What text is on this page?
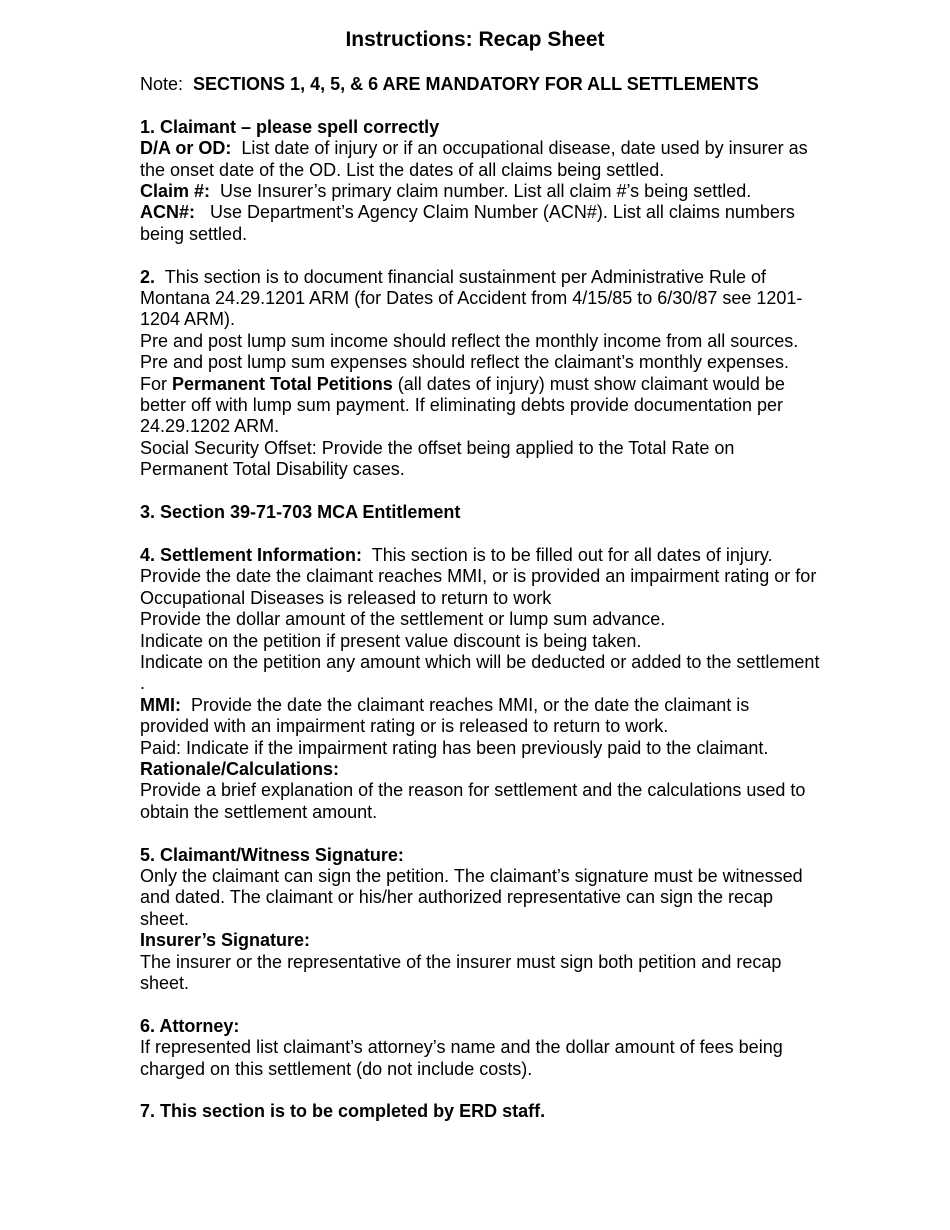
Instructions: Recap Sheet

Note: SECTIONS 1, 4, 5, & 6 ARE MANDATORY FOR ALL SETTLEMENTS

1. Claimant – please spell correctly

D/A or OD: List date of injury or if an occupational disease, date used by insurer as the onset date of the OD. List the dates of all claims being settled.

Claim #: Use Insurer’s primary claim number. List all claim #’s being settled.

ACN#: Use Department’s Agency Claim Number (ACN#). List all claims numbers being settled.

2. This section is to document financial sustainment per Administrative Rule of Montana 24.29.1201 ARM (for Dates of Accident from 4/15/85 to 6/30/87 see 1201-1204 ARM).

Pre and post lump sum income should reflect the monthly income from all sources. Pre and post lump sum expenses should reflect the claimant’s monthly expenses.

For Permanent Total Petitions (all dates of injury) must show claimant would be better off with lump sum payment. If eliminating debts provide documentation per 24.29.1202 ARM.

Social Security Offset: Provide the offset being applied to the Total Rate on Permanent Total Disability cases.

3. Section 39-71-703 MCA Entitlement

4. Settlement Information: This section is to be filled out for all dates of injury.

Provide the date the claimant reaches MMI, or is provided an impairment rating or for Occupational Diseases is released to return to work

Provide the dollar amount of the settlement or lump sum advance.

Indicate on the petition if present value discount is being taken.

Indicate on the petition any amount which will be deducted or added to the settlement .

MMI: Provide the date the claimant reaches MMI, or the date the claimant is provided with an impairment rating or is released to return to work.

Paid: Indicate if the impairment rating has been previously paid to the claimant.

Rationale/Calculations:

Provide a brief explanation of the reason for settlement and the calculations used to obtain the settlement amount.

5. Claimant/Witness Signature:

Only the claimant can sign the petition. The claimant’s signature must be witnessed and dated. The claimant or his/her authorized representative can sign the recap sheet.

Insurer’s Signature:

The insurer or the representative of the insurer must sign both petition and recap sheet.

6. Attorney:

If represented list claimant’s attorney’s name and the dollar amount of fees being charged on this settlement (do not include costs).

7. This section is to be completed by ERD staff.
